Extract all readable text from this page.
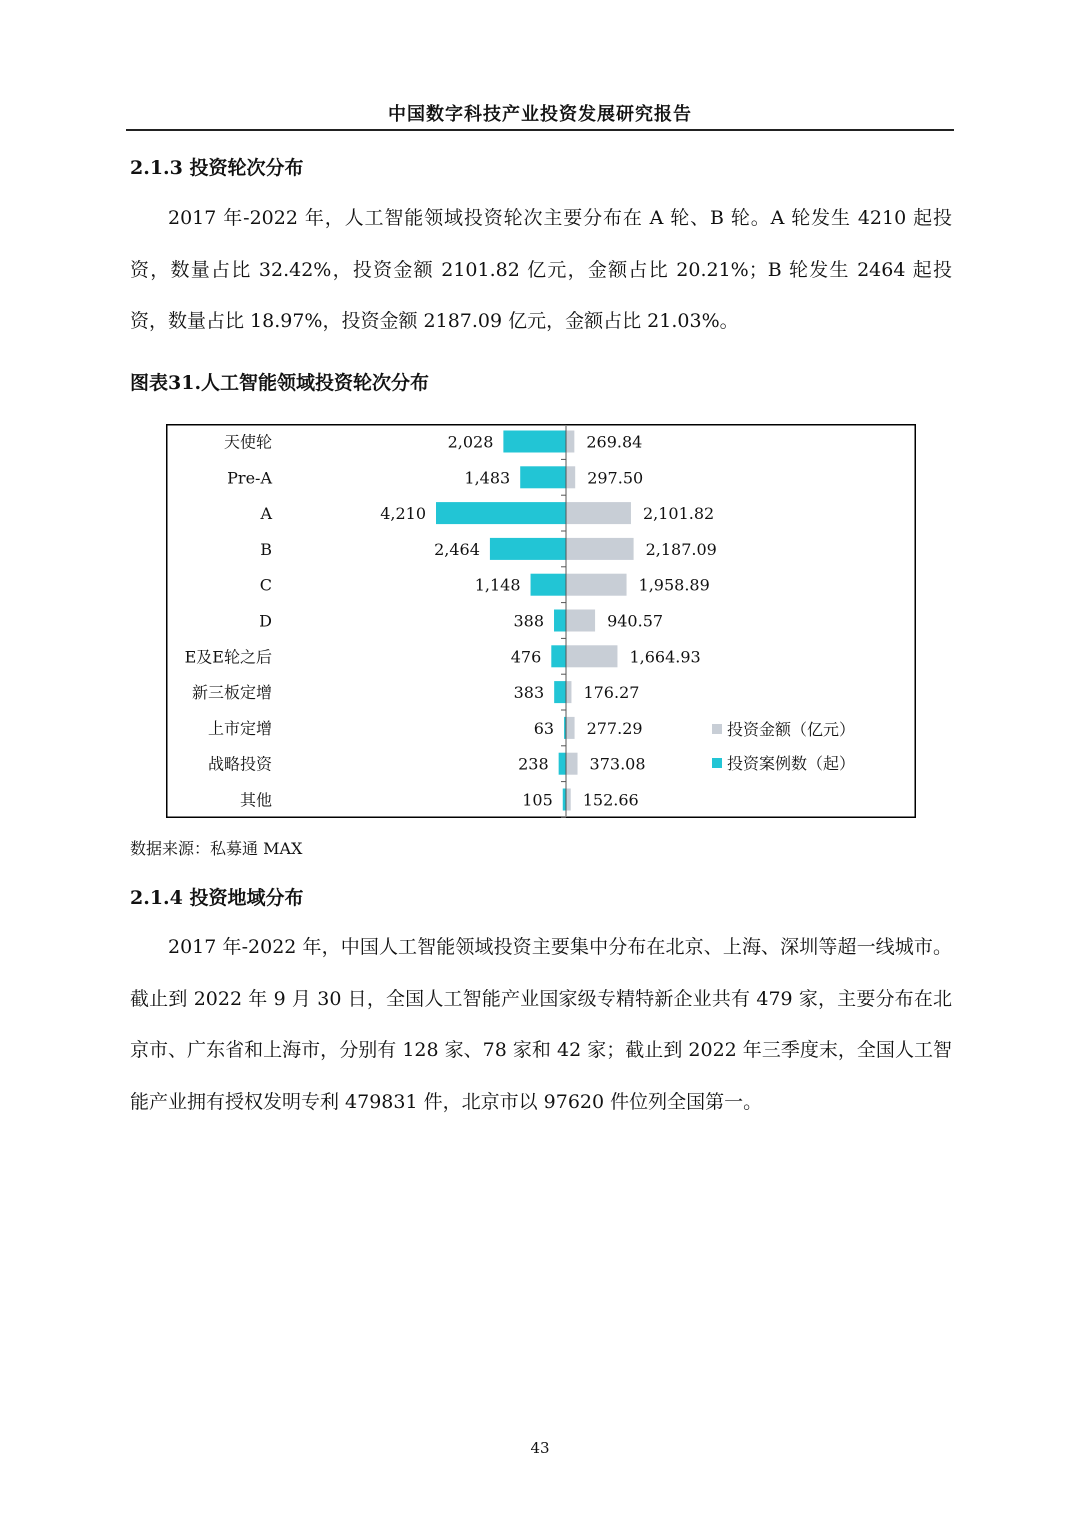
中国数字科技产业投资发展研究报告
2.1.3 投资轮次分布

2017 年-2022 年，人工智能领域投资轮次主要分布在 A 轮、B 轮。A 轮发生 4210 起投资，数量占比 32.42%，投资金额 2101.82 亿元，金额占比 20.21%；B 轮发生 2464 起投资，数量占比 18.97%，投资金额 2187.09 亿元，金额占比 21.03%。

图表31.人工智能领域投资轮次分布
天使轮	2,028	269.84
Pre-A	1,483	297.50
A	4,210	2,101.82
B	2,464	2,187.09
C	1,148	1,958.89
D	388	940.57
E及E轮之后	476	1,664.93
新三板定增	383 176.27
上市定增	63 277.29
战略投资	238	373.08
其他	105 152.66
投资金额（亿元）
投资案例数（起）
数据来源：私募通 MAX
2.1.4 投资地域分布

2017 年-2022 年，中国人工智能领域投资主要集中分布在北京、上海、深圳等超一线城市。截止到 2022 年 9 月 30 日，全国人工智能产业国家级专精特新企业共有 479 家，主要分布在北京市、广东省和上海市，分别有 128 家、78 家和 42 家；截止到 2022 年三季度末，全国人工智能产业拥有授权发明专利 479831 件，北京市以 97620 件位列全国第一。

43
